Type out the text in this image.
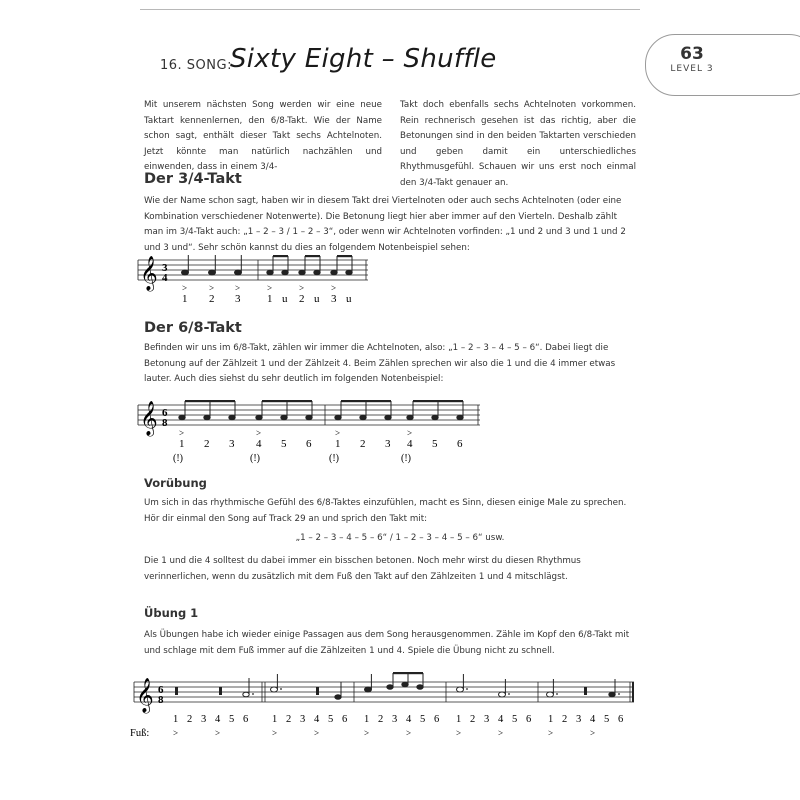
63
LEVEL 3
16. SONG:
Sixty Eight – Shuffle

Mit unserem nächsten Song werden wir eine neue Taktart kennenlernen, den 6/8-Takt. Wie der Name schon sagt, enthält dieser Takt sechs Achtelnoten. Jetzt könnte man natürlich nachzählen und einwenden, dass in einem 3/4-

Takt doch ebenfalls sechs Achtelnoten vorkommen. Rein rechnerisch gesehen ist das richtig, aber die Betonungen sind in den beiden Taktarten verschieden und geben damit ein unterschiedliches Rhythmusgefühl. Schauen wir uns erst noch einmal den 3/4-Takt genauer an.

Der 3/4-Takt

Wie der Name schon sagt, haben wir in diesem Takt drei Viertelnoten oder auch sechs Achtelnoten (oder eine Kombination verschiedener Notenwerte). Die Betonung liegt hier aber immer auf den Vierteln. Deshalb zählt man im 3/4-Takt auch: „1 – 2 – 3 / 1 – 2 – 3“, oder wenn wir Achtelnoten vorfinden: „1 und 2 und 3 und 1 und 2 und 3 und“. Sehr schön kannst du dies an folgendem Notenbeispiel sehen:

𝄞 3
4
> > >	>	>	>
1 2 3 1 u 2 u 3 u
Der 6/8-Takt

Befinden wir uns im 6/8-Takt, zählen wir immer die Achtelnoten, also: „1 – 2 – 3 – 4 – 5 – 6“. Dabei liegt die Betonung auf der Zählzeit 1 und der Zählzeit 4. Beim Zählen sprechen wir also die 1 und die 4 immer etwas lauter. Auch dies siehst du sehr deutlich im folgenden Notenbeispiel:

𝄞 6
8
>	>	>	>
1 2 3 4 5 6 1 2 3 4 5 6
(!)	(!)	(!)	(!)
Vorübung

Um sich in das rhythmische Gefühl des 6/8-Taktes einzufühlen, macht es Sinn, diesen einige Male zu sprechen. Hör dir einmal den Song auf Track 29 an und sprich den Takt mit:

„1 – 2 – 3 – 4 – 5 – 6“ / 1 – 2 – 3 – 4 – 5 – 6“ usw.

Die 1 und die 4 solltest du dabei immer ein bisschen betonen. Noch mehr wirst du diesen Rhythmus verinnerlichen, wenn du zusätzlich mit dem Fuß den Takt auf den Zählzeiten 1 und 4 mitschlägst.

Übung 1

Als Übungen habe ich wieder einige Passagen aus dem Song herausgenommen. Zähle im Kopf den 6/8-Takt mit und schlage mit dem Fuß immer auf die Zählzeiten 1 und 4. Spiele die Übung nicht zu schnell.

𝄞 6
8
1 2 3 4 5 6 1 2 3 4 5 6 1 2 3 4 5 6 1 2 3 4 5 6 1 2 3 4 5 6
Fuß:	>	>	>	>	>	>	>	>	>	>
